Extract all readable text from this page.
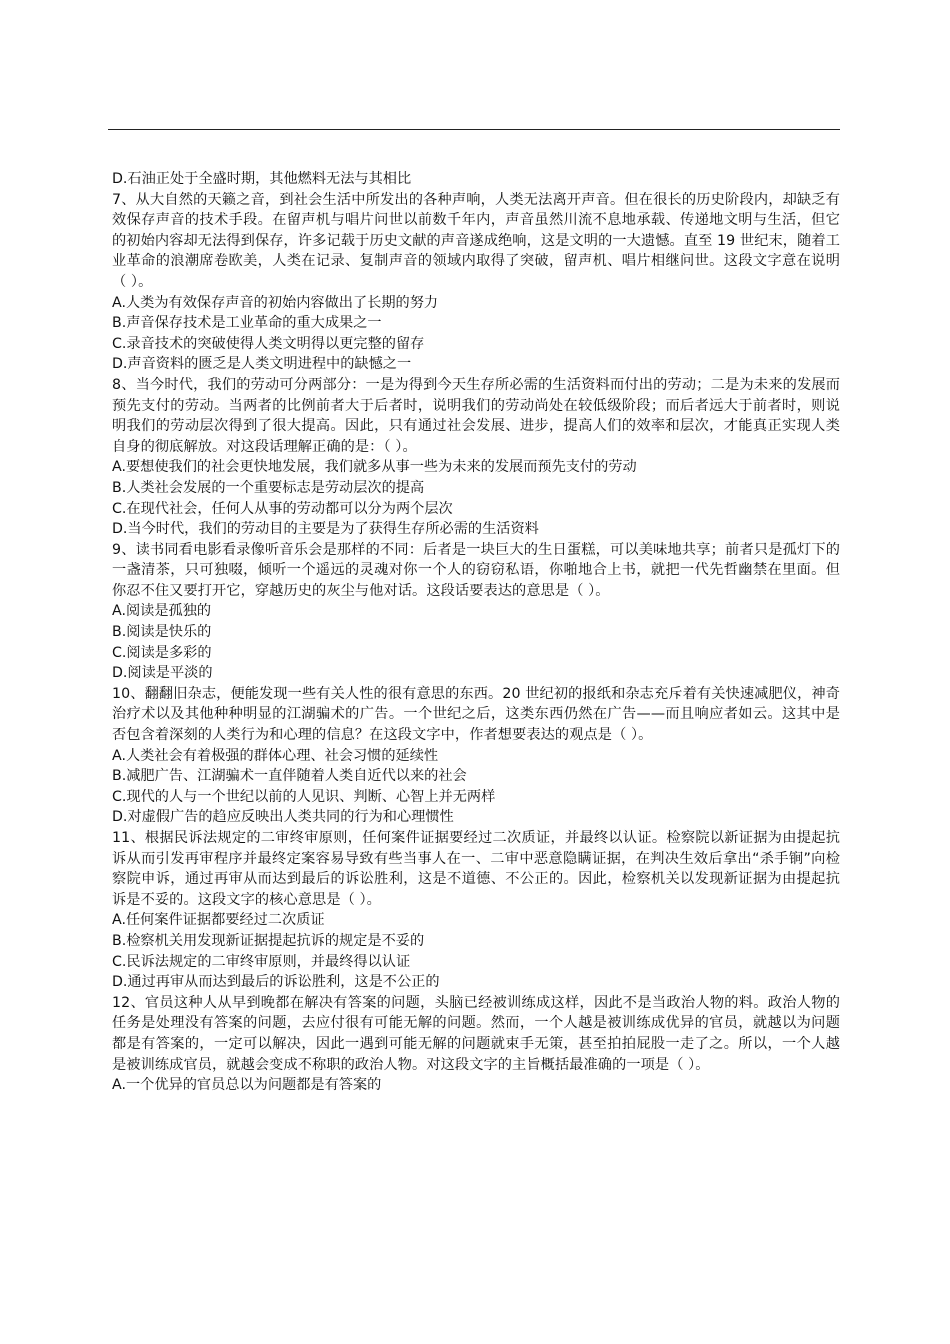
D.石油正处于全盛时期，其他燃料无法与其相比

7、从大自然的天籁之音，到社会生活中所发出的各种声响，人类无法离开声音。但在很长的历史阶段内，却缺乏有效保存声音的技术手段。在留声机与唱片问世以前数千年内，声音虽然川流不息地承载、传递地文明与生活，但它的初始内容却无法得到保存，许多记载于历史文献的声音遂成绝响，这是文明的一大遗憾。直至 19 世纪末，随着工业革命的浪潮席卷欧美，人类在记录、复制声音的领域内取得了突破，留声机、唱片相继问世。这段文字意在说明（ ）。

A.人类为有效保存声音的初始内容做出了长期的努力

B.声音保存技术是工业革命的重大成果之一

C.录音技术的突破使得人类文明得以更完整的留存

D.声音资料的匮乏是人类文明进程中的缺憾之一

8、当今时代，我们的劳动可分两部分：一是为得到今天生存所必需的生活资料而付出的劳动；二是为未来的发展而预先支付的劳动。当两者的比例前者大于后者时，说明我们的劳动尚处在较低级阶段；而后者远大于前者时，则说明我们的劳动层次得到了很大提高。因此，只有通过社会发展、进步，提高人们的效率和层次，才能真正实现人类自身的彻底解放。对这段话理解正确的是：（ ）。

A.要想使我们的社会更快地发展，我们就多从事一些为未来的发展而预先支付的劳动

B.人类社会发展的一个重要标志是劳动层次的提高

C.在现代社会，任何人从事的劳动都可以分为两个层次

D.当今时代，我们的劳动目的主要是为了获得生存所必需的生活资料

9、读书同看电影看录像听音乐会是那样的不同：后者是一块巨大的生日蛋糕，可以美味地共享；前者只是孤灯下的一盏清茶，只可独啜，倾听一个遥远的灵魂对你一个人的窃窃私语，你啪地合上书，就把一代先哲幽禁在里面。但你忍不住又要打开它，穿越历史的灰尘与他对话。这段话要表达的意思是（ ）。

A.阅读是孤独的

B.阅读是快乐的

C.阅读是多彩的

D.阅读是平淡的

10、翻翻旧杂志，便能发现一些有关人性的很有意思的东西。20 世纪初的报纸和杂志充斥着有关快速减肥仪，神奇治疗术以及其他种种明显的江湖骗术的广告。一个世纪之后，这类东西仍然在广告——而且响应者如云。这其中是否包含着深刻的人类行为和心理的信息？在这段文字中，作者想要表达的观点是（ ）。

A.人类社会有着极强的群体心理、社会习惯的延续性

B.减肥广告、江湖骗术一直伴随着人类自近代以来的社会

C.现代的人与一个世纪以前的人见识、判断、心智上并无两样

D.对虚假广告的趋应反映出人类共同的行为和心理惯性

11、根据民诉法规定的二审终审原则，任何案件证据要经过二次质证，并最终以认证。检察院以新证据为由提起抗诉从而引发再审程序并最终定案容易导致有些当事人在一、二审中恶意隐瞒证据，在判决生效后拿出“杀手锏”向检察院申诉，通过再审从而达到最后的诉讼胜利，这是不道德、不公正的。因此，检察机关以发现新证据为由提起抗诉是不妥的。这段文字的核心意思是（ ）。

A.任何案件证据都要经过二次质证

B.检察机关用发现新证据提起抗诉的规定是不妥的

C.民诉法规定的二审终审原则，并最终得以认证

D.通过再审从而达到最后的诉讼胜利，这是不公正的

12、官员这种人从早到晚都在解决有答案的问题，头脑已经被训练成这样，因此不是当政治人物的料。政治人物的任务是处理没有答案的问题，去应付很有可能无解的问题。然而，一个人越是被训练成优异的官员，就越以为问题都是有答案的，一定可以解决，因此一遇到可能无解的问题就束手无策，甚至拍拍屁股一走了之。所以，一个人越是被训练成官员，就越会变成不称职的政治人物。对这段文字的主旨概括最准确的一项是（ ）。

A.一个优异的官员总以为问题都是有答案的
